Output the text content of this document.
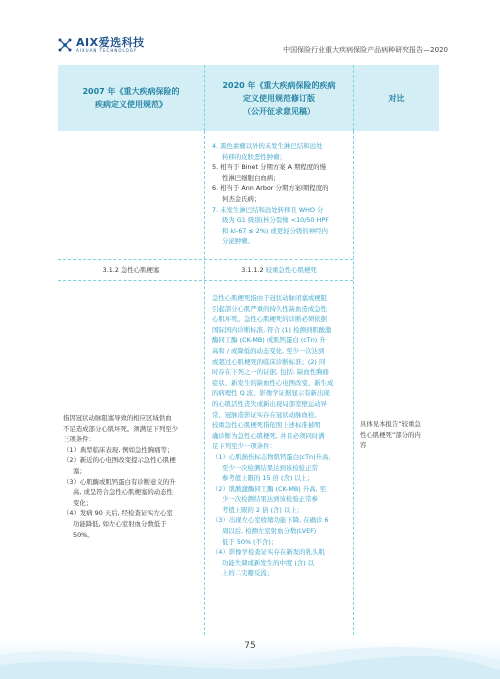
AIX爱选科技
AIXUAN TECHNOLOGY	中国保险行业重大疾病保险产品病种研究报告—2020
2007 年《重大疾病保险的
疾病定义使用规范》
2020 年《重大疾病保险的疾病
定义使用规范修订版
（公开征求意见稿）
对比
4. 黑色素瘤以外的未发生淋巴结和远处
转移的皮肤恶性肿瘤；
5. 相当于 Binet 分期方案 A 期程度的慢
性淋巴细胞白血病；
6. 相当于 Ann Arbor 分期方案I期程度的
何杰金氏病；
7. 未发生淋巴结和远处转移且 WHO 分
级为 G1 级别(核分裂像 <10/50 HPF
和 ki-67 ≤ 2%) 或更轻分级的神经内
分泌肿瘤。
3.1.2 急性心肌梗塞	3.1.1.2 较重急性心肌梗死
指因冠状动脉阻塞导致的相应区域供血
不足造成部分心肌坏死。须满足下列至少
三项条件：
（1）典型临床表现, 例如急性胸痛等；
（2）新近的心电图改变提示急性心肌梗
塞；
（3）心肌酶或肌钙蛋白有诊断意义的升
高, 或呈符合急性心肌梗塞的动态性
变化；
（4）发病 90 天后, 经检查证实左心室
功能降低, 如左心室射血分数低于
50%。
急性心肌梗死指由于冠状动脉闭塞或梗阻
引起部分心肌严重的持久性缺血造成急性
心肌坏死。急性心肌梗死的诊断必须依据
国际国内诊断标准, 符合 (1) 检测到肌酸激
酶同工酶 (CK-MB) 或肌钙蛋白 (cTn) 升
高和 / 或降低的动态变化, 至少一次达到
或超过心肌梗死的临床诊断标准；(2) 同
时存在下列之一的证据, 包括: 缺血性胸痛
症状、新发生的缺血性心电图改变、新生成
的病理性 Q 波、影像学证据显示有新出现
的心肌活性丧失或新出现局部室壁运动异
常、冠脉造影证实存在冠状动脉血栓。
较重急性心肌梗死指依照上述标准被明
确诊断为急性心肌梗死, 并且必须同时满
足下列至少一项条件：
（1）心肌损伤标志物肌钙蛋白(cTn)升高,
至少一次检测结果达到该检验正常
参考值上限的 15 倍 (含) 以上；
（2）肌酸激酶同工酶 (CK-MB) 升高, 至
少一次检测结果达到该检验正常参
考值上限的 2 倍 (含) 以上；
（3）出现左心室收缩功能下降, 在确诊 6
周以后, 检测左室射血分数(LVEF)
低于 50% (不含)；
（4）影像学检查证实存在新发的乳头肌
功能失调或新发生的中度 (含) 以
上的二尖瓣反流；
具体见本报告“较重急
性心肌梗死”部分的内
容
75
